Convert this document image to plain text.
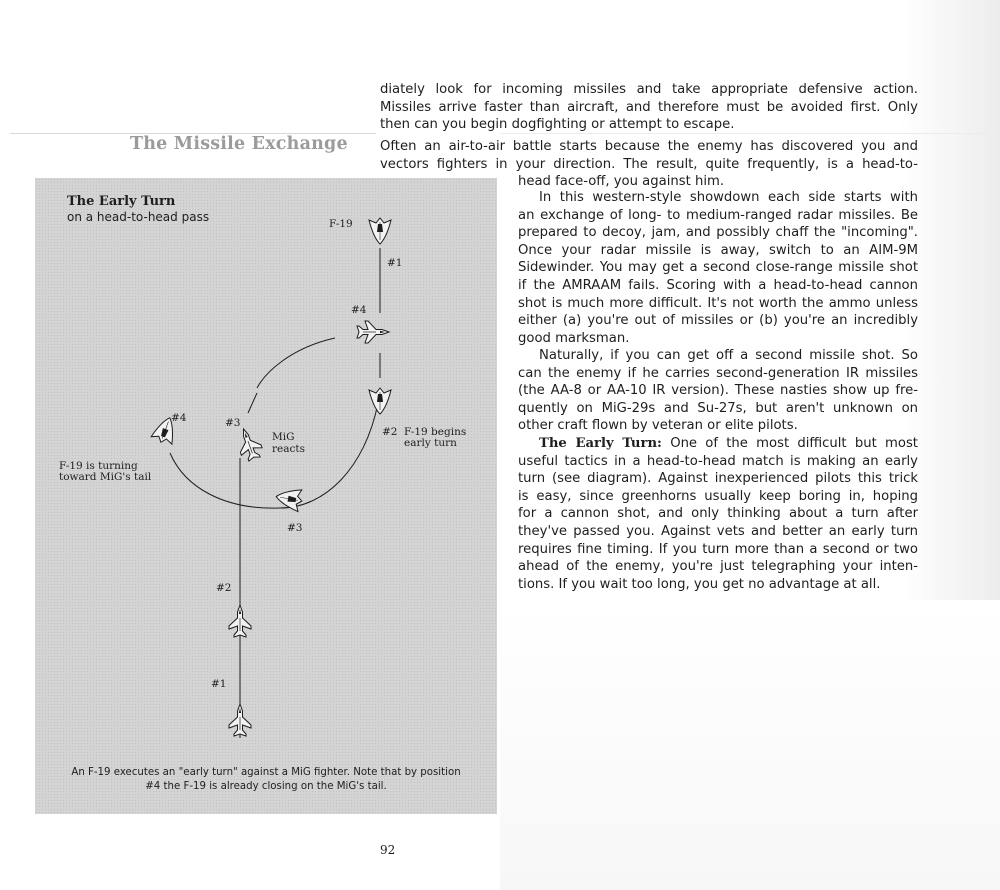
diately look for incoming missiles and take appropriate defensive action.
Missiles arrive faster than aircraft, and therefore must be avoided first. Only
then can you begin dogfighting or attempt to escape.

The Missile Exchange Often an air-to-air battle starts because the enemy has discovered you and
vectors fighters in your direction. The result, quite frequently, is a head-to-
head face-off, you against him.

In this western-style showdown each side starts with
an exchange of long- to medium-ranged radar missiles. Be
prepared to decoy, jam, and possibly chaff the "incoming".
Once your radar missile is away, switch to an AIM-9M
Sidewinder. You may get a second close-range missile shot
if the AMRAAM fails. Scoring with a head-to-head cannon
shot is much more difficult. It's not worth the ammo unless
either (a) you're out of missiles or (b) you're an incredibly
good marksman.

Naturally, if you can get off a second missile shot. So
can the enemy if he carries second-generation IR missiles
(the AA-8 or AA-10 IR version). These nasties show up fre-
quently on MiG-29s and Su-27s, but aren't unknown on
other craft flown by veteran or elite pilots.

The Early Turn: One of the most difficult but most
useful tactics in a head-to-head match is making an early
turn (see diagram). Against inexperienced pilots this trick
is easy, since greenhorns usually keep boring in, hoping
for a cannon shot, and only thinking about a turn after
they've passed you. Against vets and better an early turn
requires fine timing. If you turn more than a second or two
ahead of the enemy, you're just telegraphing your inten-
tions. If you wait too long, you get no advantage at all.

The Early Turn
on a head-to-head pass	F-19
#1
#4
#2 F-19 begins
early turn
MiG
reacts
#3
#4
F-19 is turning
toward MiG's tail
#3
#2
#1
An F-19 executes an "early turn" against a MiG fighter. Note that by position
#4 the F-19 is already closing on the MiG's tail.
92
